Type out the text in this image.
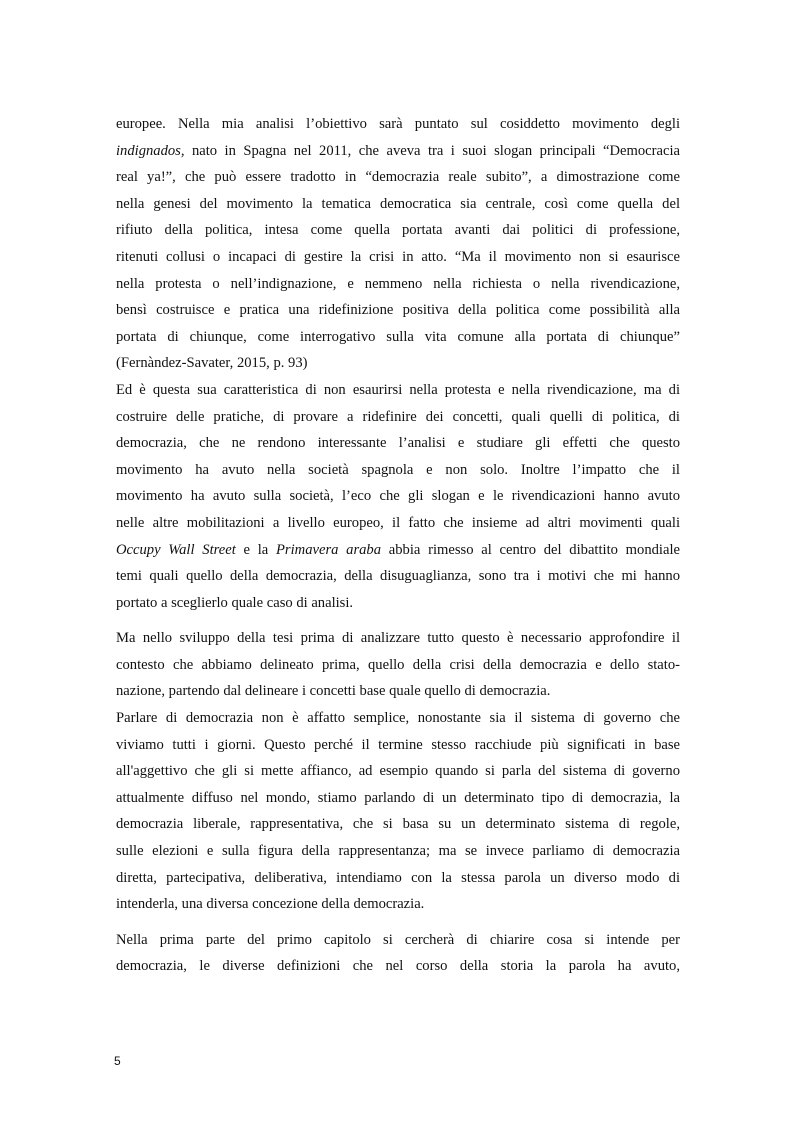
europee. Nella mia analisi l’obiettivo sarà puntato sul cosiddetto movimento degli
indignados, nato in Spagna nel 2011, che aveva tra i suoi slogan principali “Democracia
real ya!”, che può essere tradotto in “democrazia reale subito”, a dimostrazione come
nella genesi del movimento la tematica democratica sia centrale, così come quella del
rifiuto della politica, intesa come quella portata avanti dai politici di professione,
ritenuti collusi o incapaci di gestire la crisi in atto. “Ma il movimento non si esaurisce
nella protesta o nell’indignazione, e nemmeno nella richiesta o nella rivendicazione,
bensì costruisce e pratica una ridefinizione positiva della politica come possibilità alla
portata di chiunque, come interrogativo sulla vita comune alla portata di chiunque”
(Fernàndez-Savater, 2015, p. 93)

Ed è questa sua caratteristica di non esaurirsi nella protesta e nella rivendicazione, ma di
costruire delle pratiche, di provare a ridefinire dei concetti, quali quelli di politica, di
democrazia, che ne rendono interessante l’analisi e studiare gli effetti che questo
movimento ha avuto nella società spagnola e non solo. Inoltre l’impatto che il
movimento ha avuto sulla società, l’eco che gli slogan e le rivendicazioni hanno avuto
nelle altre mobilitazioni a livello europeo, il fatto che insieme ad altri movimenti quali
Occupy Wall Street e la Primavera araba abbia rimesso al centro del dibattito mondiale
temi quali quello della democrazia, della disuguaglianza, sono tra i motivi che mi hanno
portato a sceglierlo quale caso di analisi.

Ma nello sviluppo della tesi prima di analizzare tutto questo è necessario approfondire il
contesto che abbiamo delineato prima, quello della crisi della democrazia e dello stato-
nazione, partendo dal delineare i concetti base quale quello di democrazia.

Parlare di democrazia non è affatto semplice, nonostante sia il sistema di governo che
viviamo tutti i giorni. Questo perché il termine stesso racchiude più significati in base
all'aggettivo che gli si mette affianco, ad esempio quando si parla del sistema di governo
attualmente diffuso nel mondo, stiamo parlando di un determinato tipo di democrazia, la
democrazia liberale, rappresentativa, che si basa su un determinato sistema di regole,
sulle elezioni e sulla figura della rappresentanza; ma se invece parliamo di democrazia
diretta, partecipativa, deliberativa, intendiamo con la stessa parola un diverso modo di
intenderla, una diversa concezione della democrazia.

Nella prima parte del primo capitolo si cercherà di chiarire cosa si intende per
democrazia, le diverse definizioni che nel corso della storia la parola ha avuto,

5
